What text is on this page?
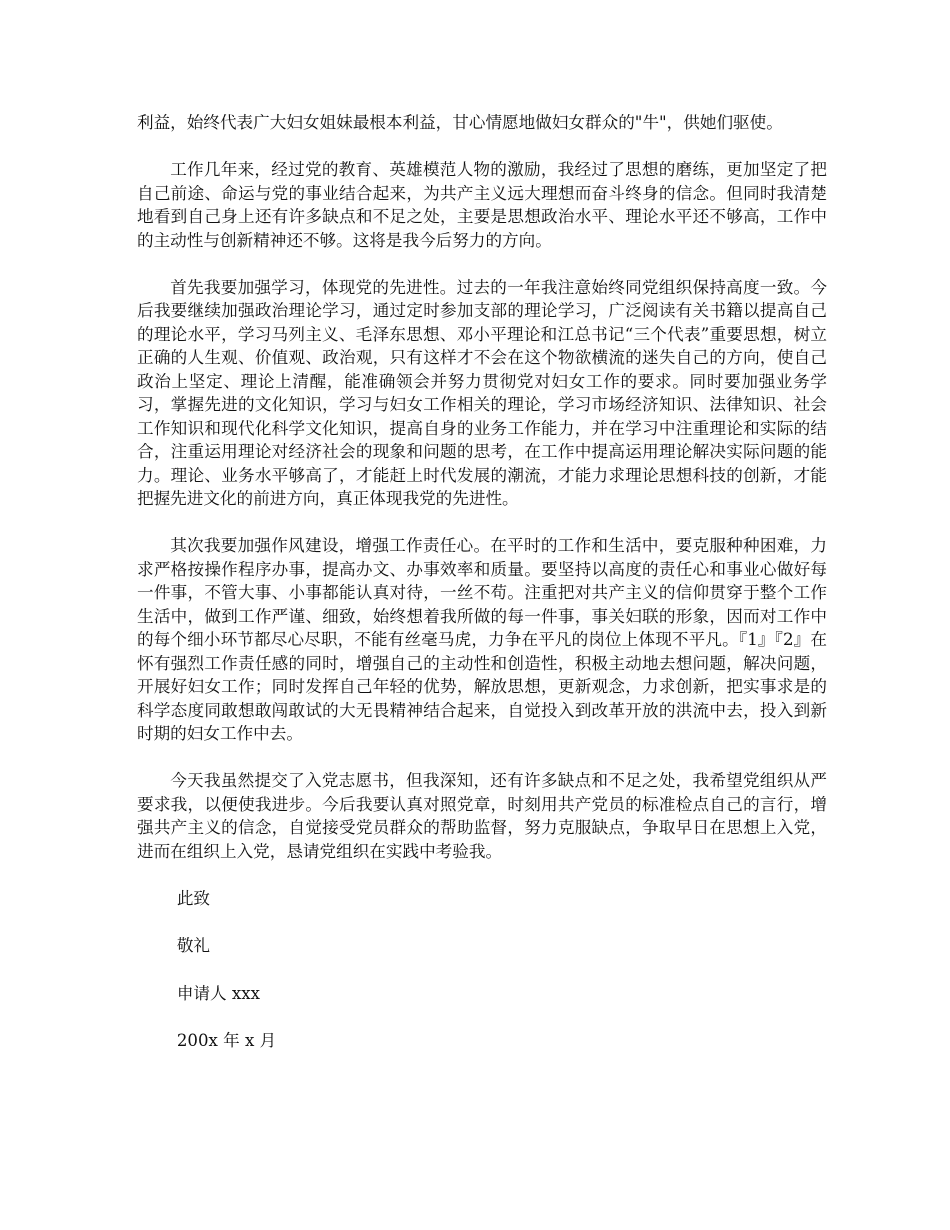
利益，始终代表广大妇女姐妹最根本利益，甘心情愿地做妇女群众的"牛"，供她们驱使。

工作几年来，经过党的教育、英雄模范人物的激励，我经过了思想的磨练，更加坚定了把自己前途、命运与党的事业结合起来，为共产主义远大理想而奋斗终身的信念。但同时我清楚地看到自己身上还有许多缺点和不足之处，主要是思想政治水平、理论水平还不够高，工作中的主动性与创新精神还不够。这将是我今后努力的方向。

首先我要加强学习，体现党的先进性。过去的一年我注意始终同党组织保持高度一致。今后我要继续加强政治理论学习，通过定时参加支部的理论学习，广泛阅读有关书籍以提高自己的理论水平，学习马列主义、毛泽东思想、邓小平理论和江总书记“三个代表”重要思想，树立正确的人生观、价值观、政治观，只有这样才不会在这个物欲横流的迷失自己的方向，使自己政治上坚定、理论上清醒，能准确领会并努力贯彻党对妇女工作的要求。同时要加强业务学习，掌握先进的文化知识，学习与妇女工作相关的理论，学习市场经济知识、法律知识、社会工作知识和现代化科学文化知识，提高自身的业务工作能力，并在学习中注重理论和实际的结合，注重运用理论对经济社会的现象和问题的思考，在工作中提高运用理论解决实际问题的能力。理论、业务水平够高了，才能赶上时代发展的潮流，才能力求理论思想科技的创新，才能把握先进文化的前进方向，真正体现我党的先进性。

其次我要加强作风建设，增强工作责任心。在平时的工作和生活中，要克服种种困难，力求严格按操作程序办事，提高办文、办事效率和质量。要坚持以高度的责任心和事业心做好每一件事，不管大事、小事都能认真对待，一丝不苟。注重把对共产主义的信仰贯穿于整个工作生活中，做到工作严谨、细致，始终想着我所做的每一件事，事关妇联的形象，因而对工作中的每个细小环节都尽心尽职，不能有丝毫马虎，力争在平凡的岗位上体现不平凡。『1』『2』在怀有强烈工作责任感的同时，增强自己的主动性和创造性，积极主动地去想问题，解决问题，开展好妇女工作；同时发挥自己年轻的优势，解放思想，更新观念，力求创新，把实事求是的科学态度同敢想敢闯敢试的大无畏精神结合起来，自觉投入到改革开放的洪流中去，投入到新时期的妇女工作中去。

今天我虽然提交了入党志愿书，但我深知，还有许多缺点和不足之处，我希望党组织从严要求我，以便使我进步。今后我要认真对照党章，时刻用共产党员的标准检点自己的言行，增强共产主义的信念，自觉接受党员群众的帮助监督，努力克服缺点，争取早日在思想上入党，进而在组织上入党，恳请党组织在实践中考验我。

此致
敬礼
申请人 xxx
200x 年 x 月
